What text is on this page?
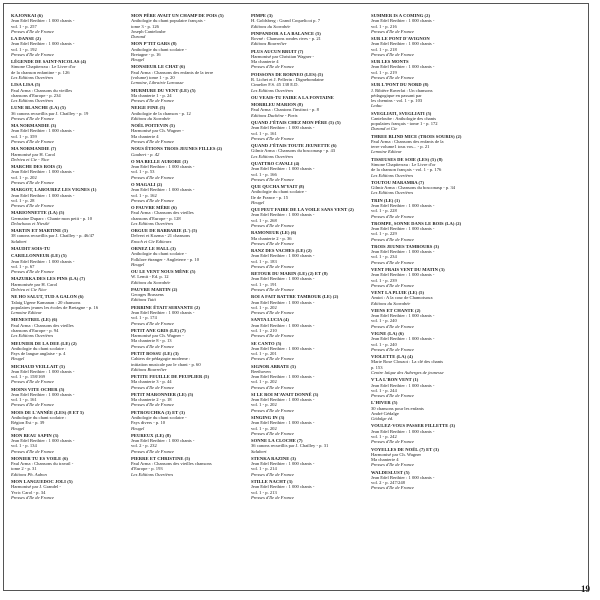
KAJONKAI (6)
Jean Edel Berthier : 1 000 chants -
vol. 1 - p. 257
Presses d'Ile de France
LA DANSE (2)
Jean Edel Berthier : 1 000 chants -
vol. 1 - p. 192
Presses d'Ile de France
LÉGENDE DE SAINT-NICOLAS (4)
Simone Chapiterrau : Le Livre d'or
de la chanson enfantine - p. 126
Les Editions Ouvrières
LISA LISA (5)
Paul Arma : Chansons du vieilles
chansons d'Europe - p. 234
Les Editions Ouvrières
LUNE BLANCHE (LA) (5)
36 canons recueillis par J. Chailley - p. 19
Presses d'Ile de France
MA NORMANDIE (3)
Jean Edel Berthier : 1 000 chants -
vol. 1 - p. 359
Presses d'Ile de France
MA NORMANDIE (7)
Harmonisé par H. Carol
Delrieu et Cie - Nice
MARCHE DES ROIS (3)
Jean Edel Berthier : 1 000 chants -
vol. 1 - p. 202
Presses d'Ile de France
MARGOT, LABOUREZ LES VIGNES (1)
Jean Edel Berthier : 1 000 chants -
vol. 1 - p. 28
Presses d'Ile de France
MARIONNETTE (LA) (5)
Germaine Duparc : Chante mon petit - p. 10
Delachaux et Niestlé
MARTIN ET MARTINE (5)
38 canons recueillis par J. Chailley - p. 46/47
Salabert
MAUDIT SOIS-TU
CARILLONNEUR (LE) (5)
Jean Edel Berthier : 1 000 chants -
vol. 1 - p. 67
Presses d'Ile de France
MAZURKA DES LES PINS (LA) (7)
Harmonisée par H. Carol
Delrieu et Cie Nice
NE HO SALUT, TUD A GALON (6)
Talaig Ugene Kamanan : 20 chansons
populaires jeunes les écoles de Bretagne - p. 16
Lemoine Editeur
MENESTREL (LE) (6)
Paul Arma : Chansons des vieilles
chansons d'Europe - p. 94
Les Editions Ouvrières
MEUNIER DE LA DEE (LE) (2)
Anthologie du chant scolaire :
Pays de langue anglaise - p. 4
Heugel
MICHAUD VEILLAIT (5)
Jean Edel Berthier : 1 000 chants -
vol. 1 - p. 158/169
Presses d'Ile de France
MOINS VITE OCHER (5)
Jean Edel Berthier : 1 000 chants -
vol. 1 - p. 161
Presses d'Ile de France
MOIS DE L'ANNÉE (LES) (8 ET 5)
Anthologie du chant scolaire :
Région Est - p. 39
Heugel
MON BEAU SAPIN (3)
Jean Edel Berthier : 1 000 chants -
vol. 1 - p. 134
Presses d'Ile de France
MONIER TU ES VOILE (6)
Paul Arma : Chansons du travail -
tome 2 - p. 31
Editions Ph. Aubon
MON LANGUEDOC JOLI (5)
Harmonisé par J. Grandel -
Yvric Carol - p. 34
Presses d'Ile de France
MON PÈRE AVAIT UN CHAMP DE POIS (5)
Anthologie du chant populaire français -
tome 3 - p. 126
Joseph Canteloube
Durand
MON P'TIT GARS (8)
Anthologie du chant scolaire -
Bretagne - p. 16
Heugel
MONSIEUR LE CHAT (6)
Paul Arma : Chansons des enfants de la terre
(volume) tome 1 - p. 20
Lemoine, Librairie Larousse
MURMURE DU VENT (LE) (5)
Ma chanterie 1 - p. 24
Presses d'Ile de France
NEIGE FINE (5)
Anthologie de la chanson - p. 12
Editions du Scarabée
NOËL POITEVIN (5)
Harmonisé par Ch. Wagner -
Ma chanterie 4
Presses d'Ile de France
NOUS ÉTIONS TROIS JEUNES FILLES (2)
Gaubert - p. 42
O MA BELLE AURORE (3)
Jean Edel Berthier : 1 000 chants -
vol. 1 - p. 53
Presses d'Ile de France
O MAGALI (2)
Jean Edel Berthier : 1 000 chants -
vol. 1 - p. 162
Presses d'Ile de France
O PAUVRE MÈRE (6)
Paul Arma : Chansons des vieilles
chansons d'Europe - p. 128
Les Editions Ouvrières
ORGUE DE BARBARIE (L') (5)
Delvert et Kozma - 21 chansons
Enoch et Cie Editeurs
ORNEZ LE HALL (3)
Anthologie du chant scolaire -
Folklore étranger - Angleterre - p. 10
Heugel
OU LE VENT NOUS MÈNE (5)
W. Lemit - Ed. p. 12
Editions du Scarabée
PAUVRE MARTIN (2)
Georges Brassens
Editions Tutti
PERRINE ÉTAIT SERVANTE (2)
Jean Edel Berthier : 1 000 chants -
vol. 1 - p. 174
Presses d'Ile de France
PETIT ANE GRIS (LE) (7)
Harmonisé par Ch. Wagner -
Ma chanterie 8 - p. 13
Presses d'Ile de France
PETIT BOSSU (LE) (3)
Cahiers de pédagogie moderne :
initiation musicale par le chant - p. 60
Editions Bourrelier
PETITE FEUILLE DE PEUPLIER (5)
Ma chanterie 3 - p. 44
Presses d'Ile de France
PETIT MARONNIER (LE) (5)
Ma chanterie 2 - p. 18
Presses d'Ile de France
PETROUCHKA (3) ET (3)
Anthologie du chant scolaire -
Pays divers - p. 10
Heugel
PEUREUX (LE) (8)
Jean Edel Berthier : 1 000 chants -
vol. 2 - p. 232
Presses d'Ile de France
PIERRE ET CHRISTINE (5)
Paul Arma : Chansons des vieilles chansons
d'Europe - p. 193
Les Editions Ouvrières
PIMPE (3)
H. Goldsberg : Grand Coquelicot p. 7
Editions du Scarabée
PINPANDOR A LA BALANCE (5)
Rovné : Chansons rondes rives - p. 21
Editions Bourrelier
PLUS AUCUN BRUIT (7)
Harmonisé par Christian Wagner -
Ma chanterie 4
Presses d'Ile de France
POISSONS DE BORNEO (LES) (5)
R. Lichet et J. Pellerin : Dignebondaine
Cimelier F.S. 45 138 E.D.
Les Editions Ouvrières
OU VEAIS-TU FAIRE A LA FONTAINE
MORBLEU MARION (8)
Paul Arma : Chantons l'instinct - p. 8
Editions Duchêne - Paris
QUAND J'ÉTAIS CHEZ MON PÈRE (5) (5)
Jean Edel Berthier : 1 000 chants -
vol. 1 - p. 161
Presses d'Ile de France
QUAND J'ÉTAIS TOUTE JEUNETTE (6)
Gilmir Arma : Chansons du bosconasp - p. 43
Les Editions Ouvrières
QUATTRO CAVALI (4)
Jean Edel Berthier : 1 000 chants -
vol. 1 - p. 166
Presses d'Ile de France
QUE QUCHA M'YAIT (8)
Anthologie du chant scolaire -
Ile de France - p. 15
Heugel
QUI PEUT FAIRE DE LA VOILE SANS VENT (2)
Jean Edel Berthier : 1 000 chants -
vol. 1 - p. 268
Presses d'Ile de France
RAMONEUR (LE) (6)
Ma chanterie 2 - p. 36
Presses d'Ile de France
RANZ DES VACHES (LE) (2)
Jean Edel Berthier : 1 000 chants -
vol. 1 - p. 183
Presses d'Ile de France
RETOUR DU MARIN (LE) (2) ET (8)
Jean Edel Berthier : 1 000 chants -
vol. 1 - p. 191
Presses d'Ile de France
ROI A FAIT BATTRE TAMBOUR (LE) (2)
Jean Edel Berthier : 1 000 chants -
vol. 1 - p. 202
Presses d'Ile de France
SANTA LUCIA (4)
Jean Edel Berthier : 1 000 chants -
vol. 1 - p. 210
Presses d'Ile de France
SE CANTO (5)
Jean Edel Berthier : 1 000 chants -
vol. 1 - p. 201
Presses d'Ile de France
SIGNOR ABBATE (5)
Beethoven
Jean Edel Berthier : 1 000 chants -
vol. 1 - p. 202
Presses d'Ile de France
SI LE ROI M'AVAIT DONNÉ (3)
Jean Edel Berthier : 1 000 chants -
vol. 1 - p. 202
Presses d'Ile de France
SINGING IN (3)
Jean Edel Berthier : 1 000 chants -
vol. 1 - p. 202
Presses d'Ile de France
SONNE LA CLOCHE (7)
36 canons recueillis par J. Chailley - p. 31
Salabert
STENKA RAZINE (3)
Jean Edel Berthier : 1 000 chants -
vol. 1 - p. 214
Presses d'Ile de France
STILLE NACHT (3)
Jean Edel Berthier : 1 000 chants -
vol. 1 - p. 213
Presses d'Ile de France
SUMMER IS A COMING (2)
Jean Edel Berthier : 1 000 chants -
vol. 1 - p. 216
Presses d'Ile de France
SUR LE PONT D'AVIGNON
Jean Edel Berthier : 1 000 chants -
vol. 1 - p. 218
Presses d'Ile de France
SUR LES MONTS
Jean Edel Berthier : 1 000 chants -
vol. 1 - p. 219
Presses d'Ile de France
SUR L'PONT DU NORD (8)
J. Ribière Raverlat : Un chansons
pédagogique en passant par
les chemins - vol. 1 - p. 103
Leduc
SVEGLIATI, SVEGLIATI (5)
Canteloube : Anthologie des chants
populaires français - tome 1 - p. 172
Durand et Cie
THREE BLIND MICE (TROIS SOURIS) (2)
Paul Arma : Chansons des enfants de la
terre volume1 tous vos... - p. 21
Lemoine Editeur
TISSEUSES DE SOIE (LES) (5) (8)
Simone Chapiterrau : Le Livre d'or
de la chanson français - vol. 1 - p. 176
Les Editions Ouvrières
TOUTOU MARAMBA (7)
Gilmir Arma : Chansons du bosconasp - p. 34
Les Editions Ouvrières
TRIN (LE) (1)
Jean Edel Berthier : 1 000 chants -
vol. 1 - p. 228
Presses d'Ile de France
TROMPE, SONNE DANS LE BOIS (LA) (2)
Jean Edel Berthier : 1 000 chants -
vol. 1 - p. 229
Presses d'Ile de France
TROIS JEUNES TAMBOURS (3)
Jean Edel Berthier : 1 000 chants -
vol. 1 - p. 234
Presses d'Ile de France
VENT FRAIS VENT DU MATIN (3)
Jean Edel Berthier : 1 000 chants -
vol. 1 - p. 239
Presses d'Ile de France
VENT LA PLUIE (LE) (5)
Amiot : A la cour de Chamotsoux
Editions du Scarabée
VIENS ET CHANTE (2)
Jean Edel Berthier : 1 000 chants -
vol. 1 - p. 240
Presses d'Ile de France
VIGNE (LA) (6)
Jean Edel Berthier : 1 000 chants -
vol. 1 - p. 240
Presses d'Ile de France
VIOLETTE (LA) (4)
Marie Rose Clouzot : La clé des chants
p. 153
Centre laïque des Auberges de jeunesse
V'LA L'BON VENT (1)
Jean Edel Berthier : 1 000 chants -
vol. 1 - p. 244
Presses d'Ile de France
L'HIVER (5)
30 chansons pour les enfants
André Gédalge
Gédalge éd.
VOULEZ-VOUS PASSER FILLETTE (3)
Jean Edel Berthier : 1 000 chants -
vol. 1 - p. 242
Presses d'Ile de France
VOYELLES DE NOËL (7) ET (3)
Harmonisé par Ch. Wagner
Ma chanterie 4
Presses d'Ile de France
WALDESLUST (5)
Jean Edel Berthier : 1 000 chants -
vol. 2 - p. 247/248
Presses d'Ile de France
19
